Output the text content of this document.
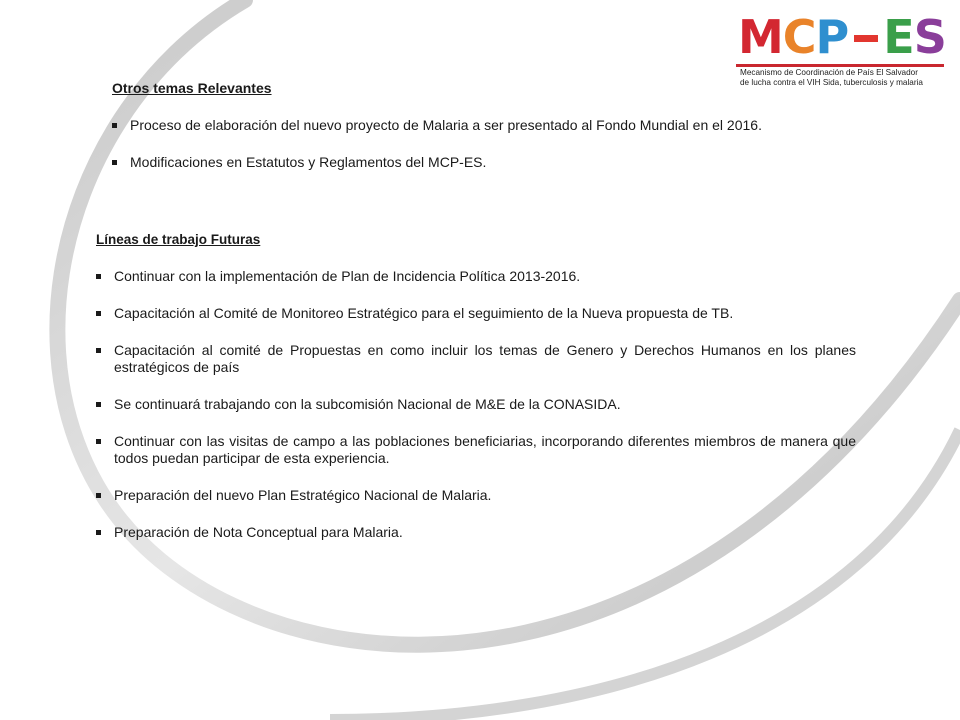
M C P E S
Mecanismo de Coordinación de País El Salvador
de lucha contra el VIH Sida, tuberculosis y malaria
Otros temas Relevantes
Proceso de elaboración del nuevo proyecto de Malaria a ser presentado al Fondo Mundial en el 2016.
Modificaciones en Estatutos y Reglamentos del MCP-ES.
Líneas de trabajo Futuras
Continuar con la implementación de Plan de Incidencia Política 2013-2016.
Capacitación al Comité de Monitoreo Estratégico para el seguimiento de la Nueva propuesta de TB.
Capacitación al comité de Propuestas en como incluir los temas de Genero y Derechos Humanos en los planes estratégicos de país
Se continuará trabajando con la subcomisión Nacional de M&E de la CONASIDA.
Continuar con las visitas de campo a las poblaciones beneficiarias, incorporando diferentes miembros de manera que todos puedan participar de esta experiencia.
Preparación del nuevo Plan Estratégico Nacional de Malaria.
Preparación de Nota Conceptual para Malaria.
